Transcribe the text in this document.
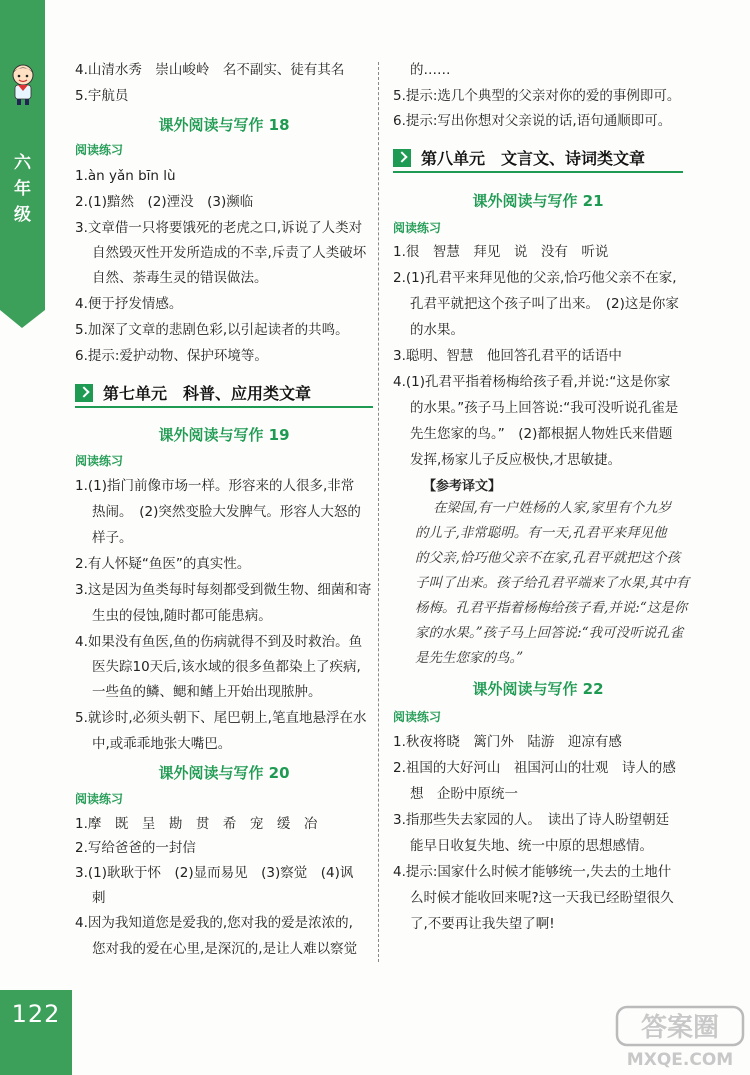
六
年
级
122
4.山清水秀　崇山峻岭　名不副实、徒有其名
5.宇航员
课外阅读与写作 18
阅读练习
1.àn yǎn bīn lù
2.(1)黯然　(2)湮没　(3)濒临
3.文章借一只将要饿死的老虎之口,诉说了人类对
自然毁灭性开发所造成的不幸,斥责了人类破坏
自然、荼毒生灵的错误做法。
4.便于抒发情感。
5.加深了文章的悲剧色彩,以引起读者的共鸣。
6.提示:爱护动物、保护环境等。
第七单元　科普、应用类文章
课外阅读与写作 19
阅读练习
1.(1)指门前像市场一样。形容来的人很多,非常
热闹。　(2)突然变脸大发脾气。形容人大怒的
样子。
2.有人怀疑“鱼医”的真实性。
3.这是因为鱼类每时每刻都受到微生物、细菌和寄
生虫的侵蚀,随时都可能患病。
4.如果没有鱼医,鱼的伤病就得不到及时救治。鱼
医失踪10天后,该水域的很多鱼都染上了疾病,
一些鱼的鳞、鳃和鳍上开始出现脓肿。
5.就诊时,必须头朝下、尾巴朝上,笔直地悬浮在水
中,或乖乖地张大嘴巴。
课外阅读与写作 20
阅读练习
1.摩　既　呈　勘　贯　希　宠　缓　冶
2.写给爸爸的一封信
3.(1)耿耿于怀　(2)显而易见　(3)察觉　(4)讽
刺
4.因为我知道您是爱我的,您对我的爱是浓浓的,
您对我的爱在心里,是深沉的,是让人难以察觉
的……
5.提示:选几个典型的父亲对你的爱的事例即可。
6.提示:写出你想对父亲说的话,语句通顺即可。
第八单元　文言文、诗词类文章
课外阅读与写作 21
阅读练习
1.很　智慧　拜见　说　没有　听说
2.(1)孔君平来拜见他的父亲,恰巧他父亲不在家,
孔君平就把这个孩子叫了出来。　(2)这是你家
的水果。
3.聪明、智慧　他回答孔君平的话语中
4.(1)孔君平指着杨梅给孩子看,并说:“这是你家
的水果。”孩子马上回答说:“我可没听说孔雀是
先生您家的鸟。”　(2)都根据人物姓氏来借题
发挥,杨家儿子反应极快,才思敏捷。
【参考译文】
在梁国,有一户姓杨的人家,家里有个九岁
的儿子,非常聪明。有一天,孔君平来拜见他
的父亲,恰巧他父亲不在家,孔君平就把这个孩
子叫了出来。孩子给孔君平端来了水果,其中有
杨梅。孔君平指着杨梅给孩子看,并说:“这是你
家的水果。”孩子马上回答说:“我可没听说孔雀
是先生您家的鸟。”
课外阅读与写作 22
阅读练习
1.秋夜将晓　篱门外　陆游　迎凉有感
2.祖国的大好河山　祖国河山的壮观　诗人的感
想　企盼中原统一
3.指那些失去家园的人。　读出了诗人盼望朝廷
能早日收复失地、统一中原的思想感情。
4.提示:国家什么时候才能够统一,失去的土地什
么时候才能收回来呢?这一天我已经盼望很久
了,不要再让我失望了啊!
答案圈
MXQE.COM
